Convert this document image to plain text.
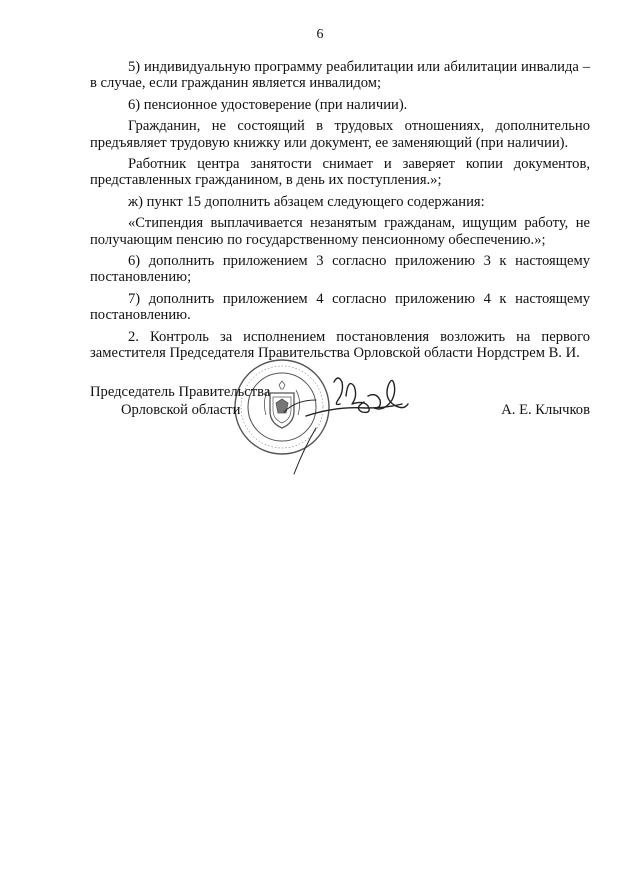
6

5) индивидуальную программу реабилитации или абилитации инвалида – в случае, если гражданин является инвалидом;

6) пенсионное удостоверение (при наличии).

Гражданин, не состоящий в трудовых отношениях, дополнительно предъявляет трудовую книжку или документ, ее заменяющий (при наличии).

Работник центра занятости снимает и заверяет копии документов, представленных гражданином, в день их поступления.»;

ж) пункт 15 дополнить абзацем следующего содержания:

«Стипендия выплачивается незанятым гражданам, ищущим работу, не получающим пенсию по государственному пенсионному обеспечению.»;

6) дополнить приложением 3 согласно приложению 3 к настоящему постановлению;

7) дополнить приложением 4 согласно приложению 4 к настоящему постановлению.

2. Контроль за исполнением постановления возложить на первого заместителя Председателя Правительства Орловской области Нордстрем В. И.

Председатель Правительства
Орловской области	А. Е. Клычков
